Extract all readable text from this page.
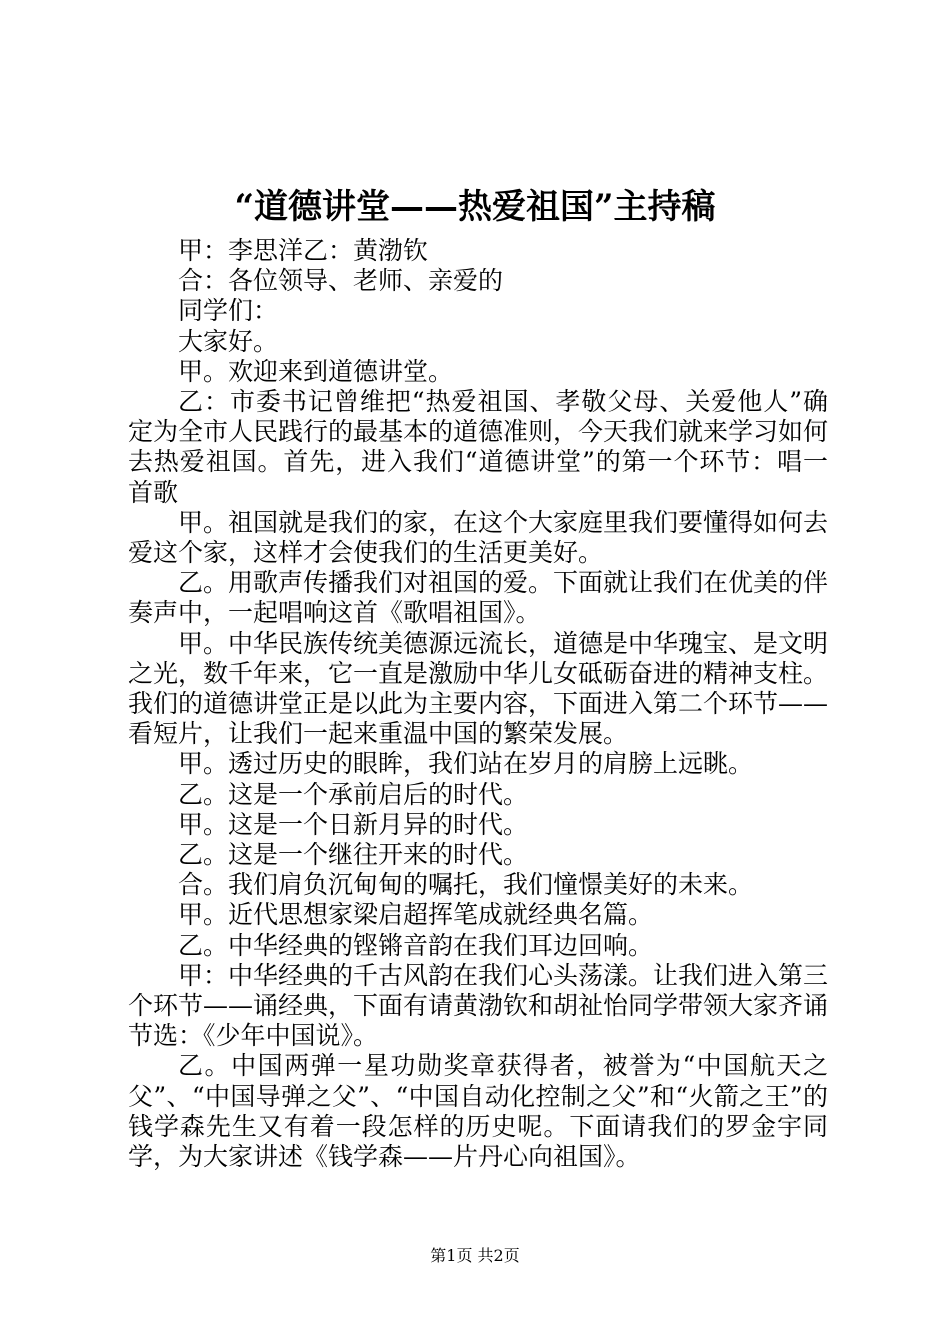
“道德讲堂——热爱祖国”主持稿

甲：李思洋乙：黄渤钦

合：各位领导、老师、亲爱的

同学们：

大家好。

甲。欢迎来到道德讲堂。

乙：市委书记曾维把“热爱祖国、孝敬父母、关爱他人”确定为全市人民践行的最基本的道德准则，今天我们就来学习如何去热爱祖国。首先，进入我们“道德讲堂”的第一个环节：唱一首歌

甲。祖国就是我们的家，在这个大家庭里我们要懂得如何去爱这个家，这样才会使我们的生活更美好。

乙。用歌声传播我们对祖国的爱。下面就让我们在优美的伴奏声中，一起唱响这首《歌唱祖国》。

甲。中华民族传统美德源远流长，道德是中华瑰宝、是文明之光，数千年来，它一直是激励中华儿女砥砺奋进的精神支柱。我们的道德讲堂正是以此为主要内容，下面进入第二个环节——看短片，让我们一起来重温中国的繁荣发展。

甲。透过历史的眼眸，我们站在岁月的肩膀上远眺。

乙。这是一个承前启后的时代。

甲。这是一个日新月异的时代。

乙。这是一个继往开来的时代。

合。我们肩负沉甸甸的嘱托，我们憧憬美好的未来。

甲。近代思想家梁启超挥笔成就经典名篇。

乙。中华经典的铿锵音韵在我们耳边回响。

甲：中华经典的千古风韵在我们心头荡漾。让我们进入第三个环节——诵经典，下面有请黄渤钦和胡祉怡同学带领大家齐诵节选：《少年中国说》。

乙。中国两弹一星功勋奖章获得者，被誉为“中国航天之父”、“中国导弹之父”、“中国自动化控制之父”和“火箭之王”的钱学森先生又有着一段怎样的历史呢。下面请我们的罗金宇同学，为大家讲述《钱学森——片丹心向祖国》。

第1页 共2页
